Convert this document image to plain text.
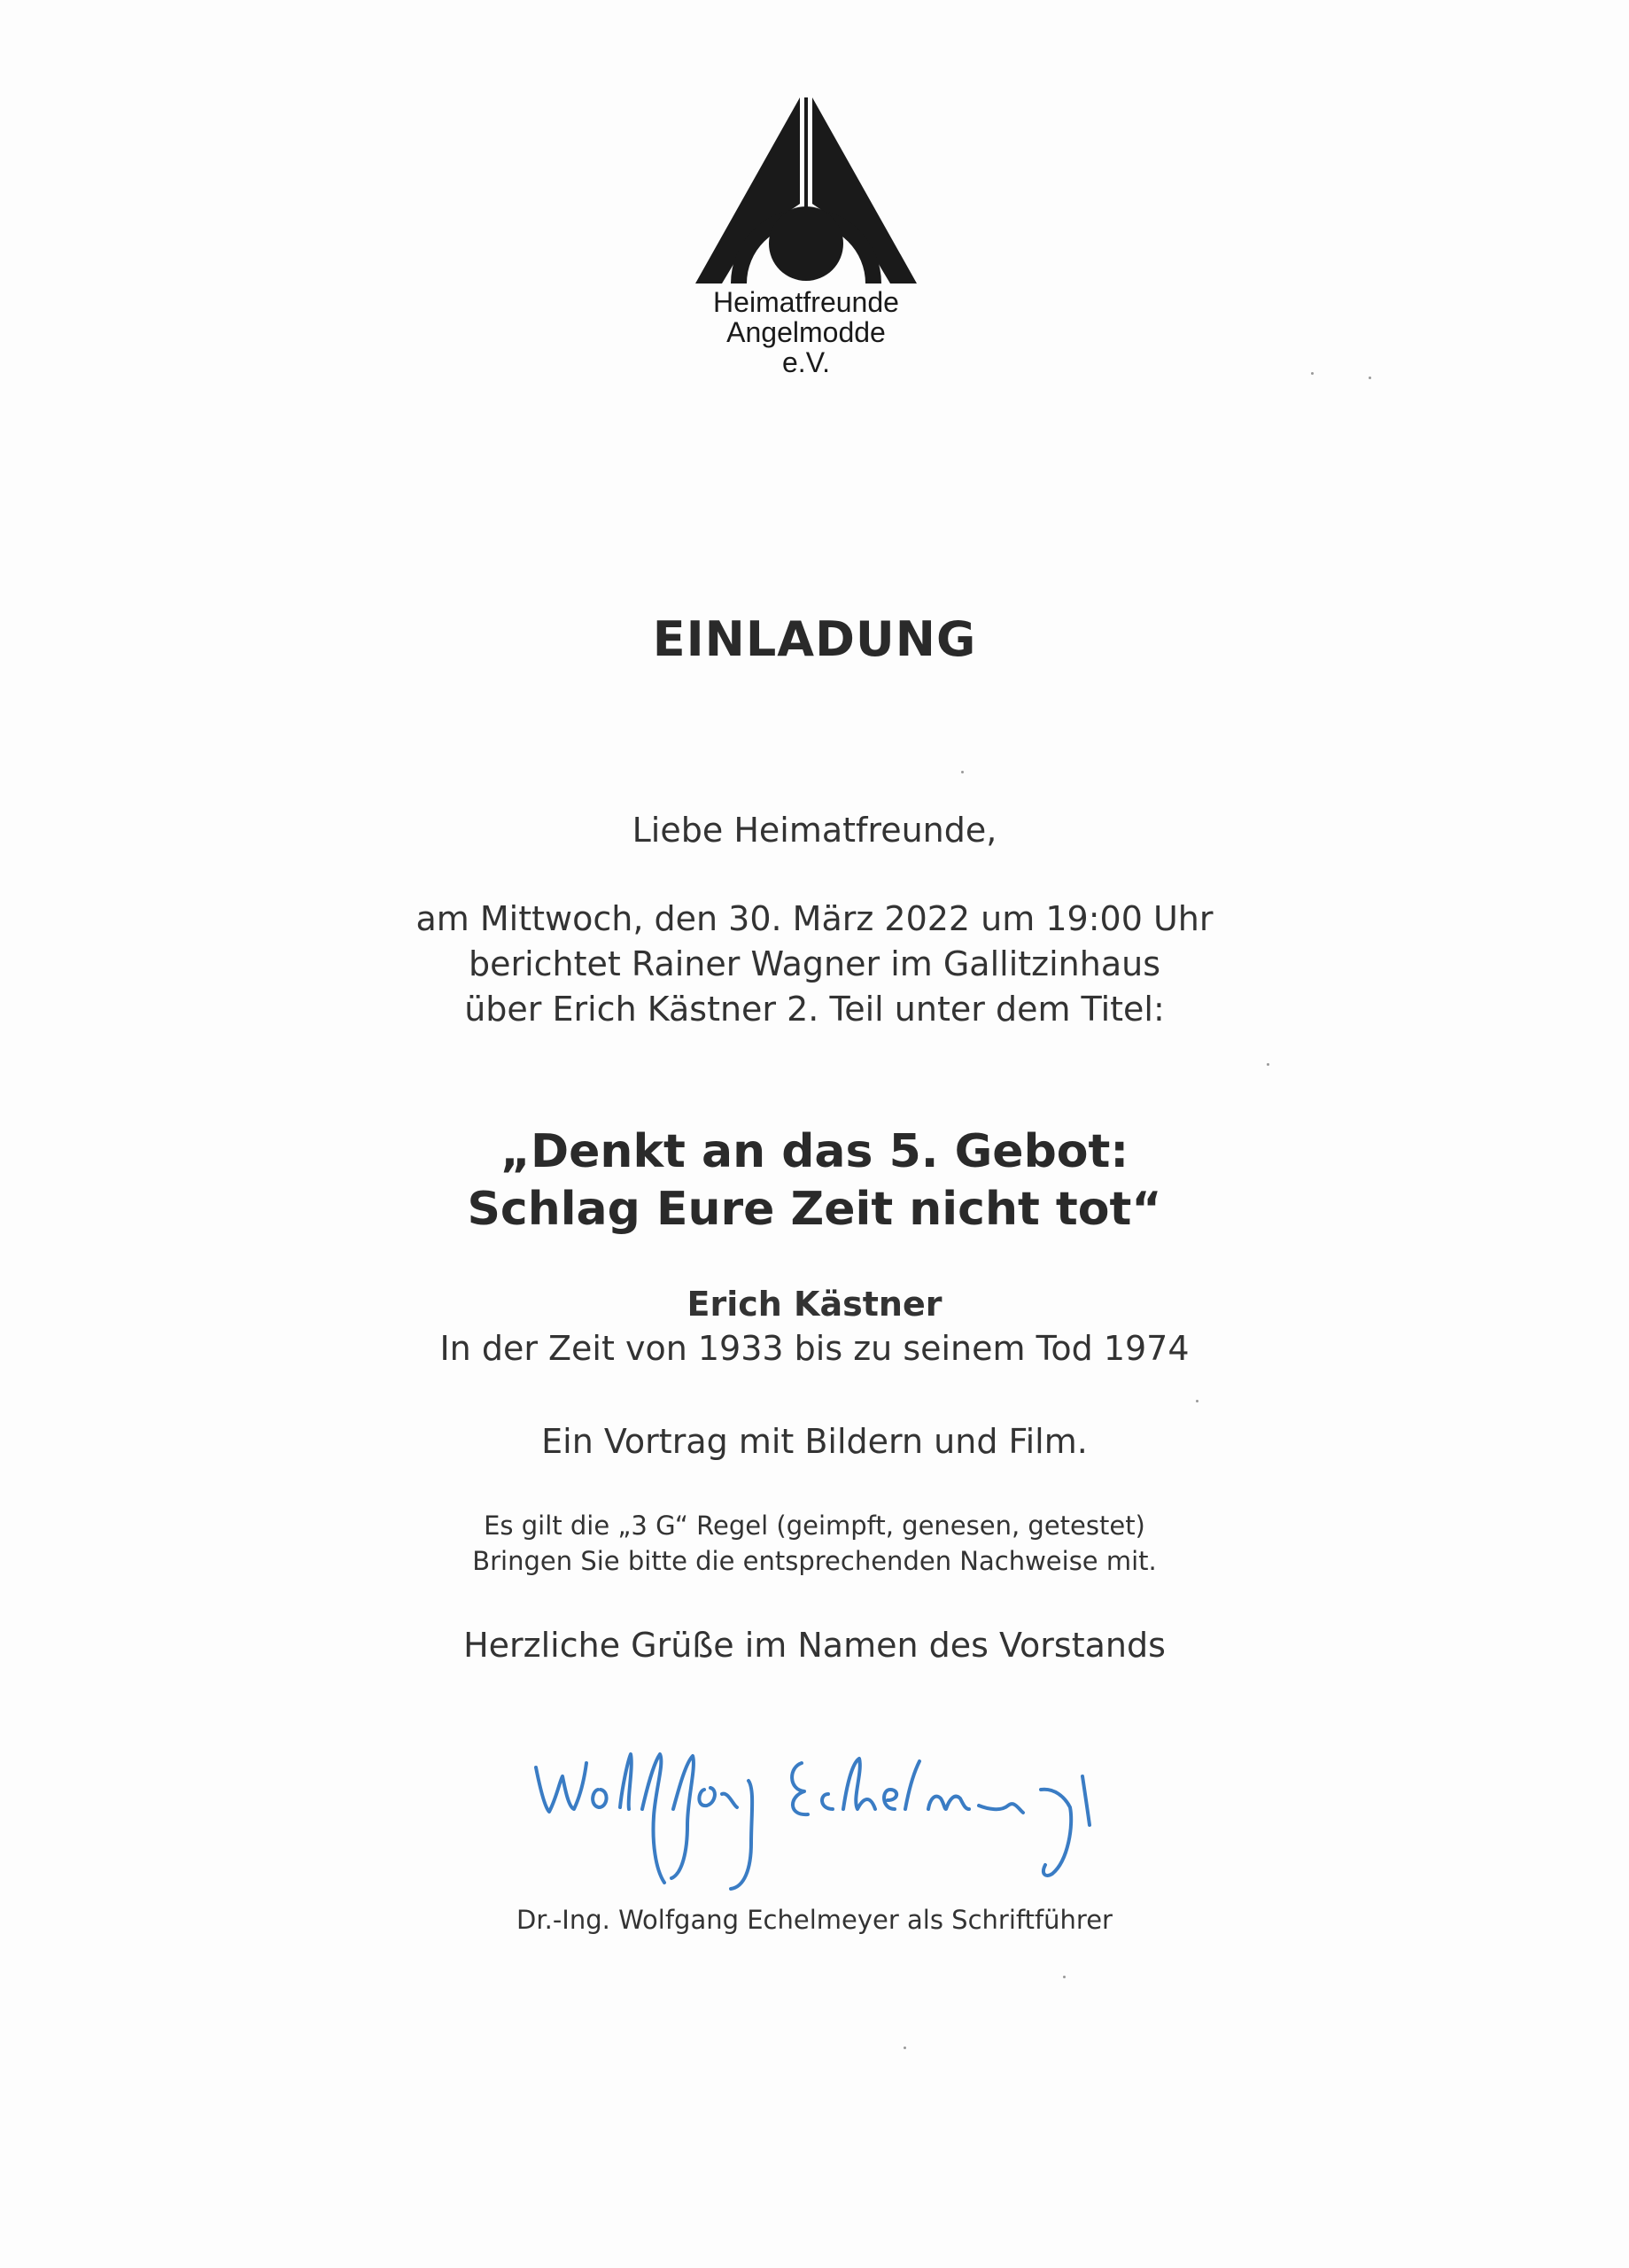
Heimatfreunde
Angelmodde
e.V.
EINLADUNG
Liebe Heimatfreunde,
am Mittwoch, den 30. März 2022 um 19:00 Uhr
berichtet Rainer Wagner im Gallitzinhaus
über Erich Kästner 2. Teil unter dem Titel:
„Denkt an das 5. Gebot:
Schlag Eure Zeit nicht tot“
Erich Kästner
In der Zeit von 1933 bis zu seinem Tod 1974
Ein Vortrag mit Bildern und Film.
Es gilt die „3 G“ Regel (geimpft, genesen, getestet)
Bringen Sie bitte die entsprechenden Nachweise mit.
Herzliche Grüße im Namen des Vorstands
Dr.-Ing. Wolfgang Echelmeyer als Schriftführer
